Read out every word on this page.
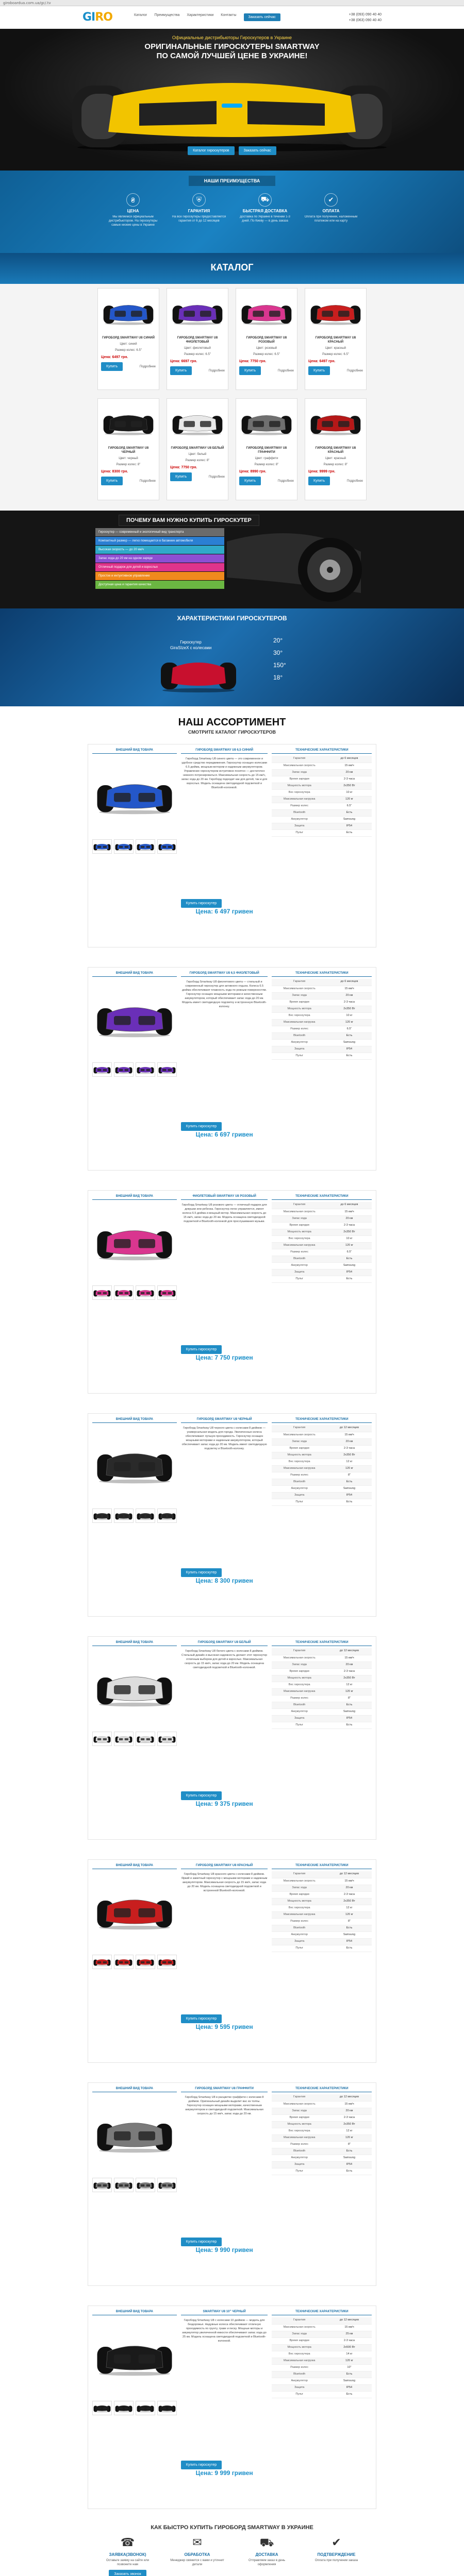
giroboardua.com.ua/gc/.tv
GIRO	Каталог Преимущества Характеристики Контакты
Заказать сейчас
+38 (093) 090 40 40
+38 (063) 090 40 40
Официальные дистрибьюторы Гироскутеров в Украине
ОРИГИНАЛЬНЫЕ ГИРОСКУТЕРЫ SMARTWAY
ПО САМОЙ ЛУЧШЕЙ ЦЕНЕ В УКРАИНЕ!
Каталог гироскутеров	Заказать сейчас
НАШИ ПРЕИМУЩЕСТВА
₴
ЦЕНА
Мы являемся официальным дистрибьютором. На гироскутеры самые низкие цены в Украине
⛨
ГАРАНТИЯ
На все гироскутеры предоставляется гарантия от 6 до 12 месяцев
⛟
БЫСТРАЯ ДОСТАВКА
Доставка по Украине в течении 1-3 дней. По Киеву — в день заказа
✔
ОПЛАТА
Оплата при получении, наложенным платежом или на карту
КАТАЛОГ
ГИРОБОРД SMARTWAY U8 СИНИЙ
Цвет: синий
Размер колес: 6.5"
Цена: 6497 грн.
Купить	Подробнее
ГИРОБОРД SMARTWAY U8 ФИОЛЕТОВЫЙ
Цвет: фиолетовый
Размер колес: 6.5"
Цена: 6697 грн.
Купить	Подробнее
ГИРОБОРД SMARTWAY U8 РОЗОВЫЙ
Цвет: розовый
Размер колес: 6.5"
Цена: 7750 грн.
Купить	Подробнее
ГИРОБОРД SMARTWAY U8 КРАСНЫЙ
Цвет: красный
Размер колес: 6.5"
Цена: 6497 грн.
Купить	Подробнее
ГИРОБОРД SMARTWAY U8 ЧЕРНЫЙ
Цвет: черный
Размер колес: 8"
Цена: 8300 грн.
Купить	Подробнее
ГИРОБОРД SMARTWAY U8 БЕЛЫЙ
Цвет: белый
Размер колес: 8"
Цена: 7750 грн.
Купить	Подробнее
ГИРОБОРД SMARTWAY U8 ГРАФФИТИ
Цвет: граффити
Размер колес: 8"
Цена: 8990 грн.
Купить	Подробнее
ГИРОБОРД SMARTWAY U8 КРАСНЫЙ
Цвет: красный
Размер колес: 8"
Цена: 9999 грн.
Купить	Подробнее
ПОЧЕМУ ВАМ НУЖНО КУПИТЬ ГИРОСКУТЕР
Гироскутер — современный и экологичный вид транспорта
Компактный размер — легко помещается в багажник автомобиля
Высокая скорость — до 20 км/ч
Запас хода до 20 км на одном заряде
Отличный подарок для детей и взрослых
Простое и интуитивное управление
Доступная цена и гарантия качества
ХАРАКТЕРИСТИКИ ГИРОСКУТЕРОВ
Гироскутер
GiraSIzeX с колесами
20°
30°
150°
18°
НАШ АССОРТИМЕНТ
СМОТРИТЕ КАТАЛОГ ГИРОСКУТЕРОВ
ВНЕШНИЙ ВИД ТОВАРА	ГИРОБОРД SMARTWAY U8 6,5 СИНИЙ
Гироборд Smartway U8 синего цвета — это современное и удобное средство передвижения. Гироскутер оснащен колесами 6.5 дюйма, мощным мотором и надежным аккумулятором. Управление гироскутером интуитивно понятно — достаточно немного потренироваться. Максимальная скорость до 15 км/ч, запас хода до 20 км. Гироборд подходит как для детей, так и для взрослых. Модель оснащена светодиодной подсветкой и Bluetooth-колонкой.
Купить гироскутер
Цена: 6 497 гривен
ТЕХНИЧЕСКИЕ ХАРАКТЕРИСТИКИ
Гарантия	до 6 месяцев
Максимальная скорость	15 км/ч
Запас хода	20 км
Время зарядки	2-3 часа
Мощность мотора	2x350 Вт
Вес гироскутера	10 кг
Максимальная нагрузка	120 кг
Размер колес	6.5"
Bluetooth	Есть
Аккумулятор	Samsung
Защита	IP54
Пульт	Есть
ВНЕШНИЙ ВИД ТОВАРА	ГИРОБОРД SMARTWAY U8 6,5 ФИОЛЕТОВЫЙ
Гироборд Smartway U8 фиолетового цвета — стильный и современный гироскутер для активного отдыха. Колеса 6.5 дюйма обеспечивают плавность хода по ровным поверхностям. Гироскутер оснащен мощными моторами и качественным аккумулятором, который обеспечивает запас хода до 20 км. Модель имеет светодиодную подсветку и встроенную Bluetooth-колонку.
Купить гироскутер
Цена: 6 697 гривен
ТЕХНИЧЕСКИЕ ХАРАКТЕРИСТИКИ
Гарантия	до 6 месяцев
Максимальная скорость	15 км/ч
Запас хода	20 км
Время зарядки	2-3 часа
Мощность мотора	2x350 Вт
Вес гироскутера	10 кг
Максимальная нагрузка	120 кг
Размер колес	6.5"
Bluetooth	Есть
Аккумулятор	Samsung
Защита	IP54
Пульт	Есть
ВНЕШНИЙ ВИД ТОВАРА	ФИОЛЕТОВЫЙ SMARTWAY U8 РОЗОВЫЙ
Гироборд Smartway U8 розового цвета — отличный подарок для девушки или ребенка. Гироскутер легко управляется, имеет колеса 6.5 дюйма и мощный мотор. Максимальная скорость до 15 км/ч, запас хода до 20 км. Модель оснащена светодиодной подсветкой и Bluetooth-колонкой для прослушивания музыки.
Купить гироскутер
Цена: 7 750 гривен
ТЕХНИЧЕСКИЕ ХАРАКТЕРИСТИКИ
Гарантия	до 6 месяцев
Максимальная скорость	15 км/ч
Запас хода	20 км
Время зарядки	2-3 часа
Мощность мотора	2x350 Вт
Вес гироскутера	10 кг
Максимальная нагрузка	120 кг
Размер колес	6.5"
Bluetooth	Есть
Аккумулятор	Samsung
Защита	IP54
Пульт	Есть
ВНЕШНИЙ ВИД ТОВАРА	ГИРОБОРД SMARTWAY U8 ЧЕРНЫЙ
Гироборд Smartway U8 черного цвета с колесами 8 дюймов — универсальная модель для города. Увеличенные колеса обеспечивают лучшую проходимость. Гироскутер оснащен мощными моторами и надежным аккумулятором, который обеспечивает запас хода до 20 км. Модель имеет светодиодную подсветку и Bluetooth-колонку.
Купить гироскутер
Цена: 8 300 гривен
ТЕХНИЧЕСКИЕ ХАРАКТЕРИСТИКИ
Гарантия	до 12 месяцев
Максимальная скорость	15 км/ч
Запас хода	20 км
Время зарядки	2-3 часа
Мощность мотора	2x350 Вт
Вес гироскутера	12 кг
Максимальная нагрузка	120 кг
Размер колес	8"
Bluetooth	Есть
Аккумулятор	Samsung
Защита	IP54
Пульт	Есть
ВНЕШНИЙ ВИД ТОВАРА	ГИРОБОРД SMARTWAY U8 БЕЛЫЙ
Гироборд Smartway U8 белого цвета с колесами 8 дюймов. Стильный дизайн и высокая надежность делают этот гироскутер отличным выбором для детей и взрослых. Максимальная скорость до 15 км/ч, запас хода до 20 км. Модель оснащена светодиодной подсветкой и Bluetooth-колонкой.
Купить гироскутер
Цена: 9 375 гривен
ТЕХНИЧЕСКИЕ ХАРАКТЕРИСТИКИ
Гарантия	до 12 месяцев
Максимальная скорость	15 км/ч
Запас хода	20 км
Время зарядки	2-3 часа
Мощность мотора	2x350 Вт
Вес гироскутера	12 кг
Максимальная нагрузка	120 кг
Размер колес	8"
Bluetooth	Есть
Аккумулятор	Samsung
Защита	IP54
Пульт	Есть
ВНЕШНИЙ ВИД ТОВАРА	ГИРОБОРД SMARTWAY U8 КРАСНЫЙ
Гироборд Smartway U8 красного цвета с колесами 8 дюймов. Яркий и заметный гироскутер с мощными моторами и надежным аккумулятором. Максимальная скорость до 15 км/ч, запас хода до 20 км. Модель оснащена светодиодной подсветкой и встроенной Bluetooth-колонкой.
Купить гироскутер
Цена: 9 595 гривен
ТЕХНИЧЕСКИЕ ХАРАКТЕРИСТИКИ
Гарантия	до 12 месяцев
Максимальная скорость	15 км/ч
Запас хода	20 км
Время зарядки	2-3 часа
Мощность мотора	2x350 Вт
Вес гироскутера	12 кг
Максимальная нагрузка	120 кг
Размер колес	8"
Bluetooth	Есть
Аккумулятор	Samsung
Защита	IP54
Пульт	Есть
ВНЕШНИЙ ВИД ТОВАРА	ГИРОБОРД SMARTWAY U8 ГРАФФИТИ
Гироборд Smartway U8 в расцветке граффити с колесами 8 дюймов. Оригинальный дизайн выделит вас из толпы. Гироскутер оснащен мощными моторами, качественным аккумулятором и светодиодной подсветкой. Максимальная скорость до 15 км/ч, запас хода до 20 км.
Купить гироскутер
Цена: 9 990 гривен
ТЕХНИЧЕСКИЕ ХАРАКТЕРИСТИКИ
Гарантия	до 12 месяцев
Максимальная скорость	15 км/ч
Запас хода	20 км
Время зарядки	2-3 часа
Мощность мотора	2x350 Вт
Вес гироскутера	12 кг
Максимальная нагрузка	120 кг
Размер колес	8"
Bluetooth	Есть
Аккумулятор	Samsung
Защита	IP54
Пульт	Есть
ВНЕШНИЙ ВИД ТОВАРА	SMARTWAY U8 10" ЧЕРНЫЙ
Гироборд Smartway U8 с колесами 10 дюймов — модель для бездорожья. Надувные колеса обеспечивают отличную проходимость по грунту, траве и песку. Мощные моторы и аккумулятор увеличенной емкости обеспечивают запас хода до 25 км. Модель оснащена светодиодной подсветкой и Bluetooth-колонкой.
Купить гироскутер
Цена: 9 999 гривен
ТЕХНИЧЕСКИЕ ХАРАКТЕРИСТИКИ
Гарантия	до 12 месяцев
Максимальная скорость	15 км/ч
Запас хода	25 км
Время зарядки	2-3 часа
Мощность мотора	2x500 Вт
Вес гироскутера	14 кг
Максимальная нагрузка	120 кг
Размер колес	10"
Bluetooth	Есть
Аккумулятор	Samsung
Защита	IP54
Пульт	Есть
КАК БЫСТРО КУПИТЬ ГИРОБОРД SMARTWAY В УКРАИНЕ
☎
ЗАЯВКА(ЗВОНОК)
Оставьте заявку на сайте или позвоните нам
Заказать звонок
✉
ОБРАБОТКА
Менеджер свяжется с вами и уточнит детали
⛟
ДОСТАВКА
Отправляем заказ в день оформления
✔
ПОДТВЕРЖДЕНИЕ
Оплата при получении заказа
